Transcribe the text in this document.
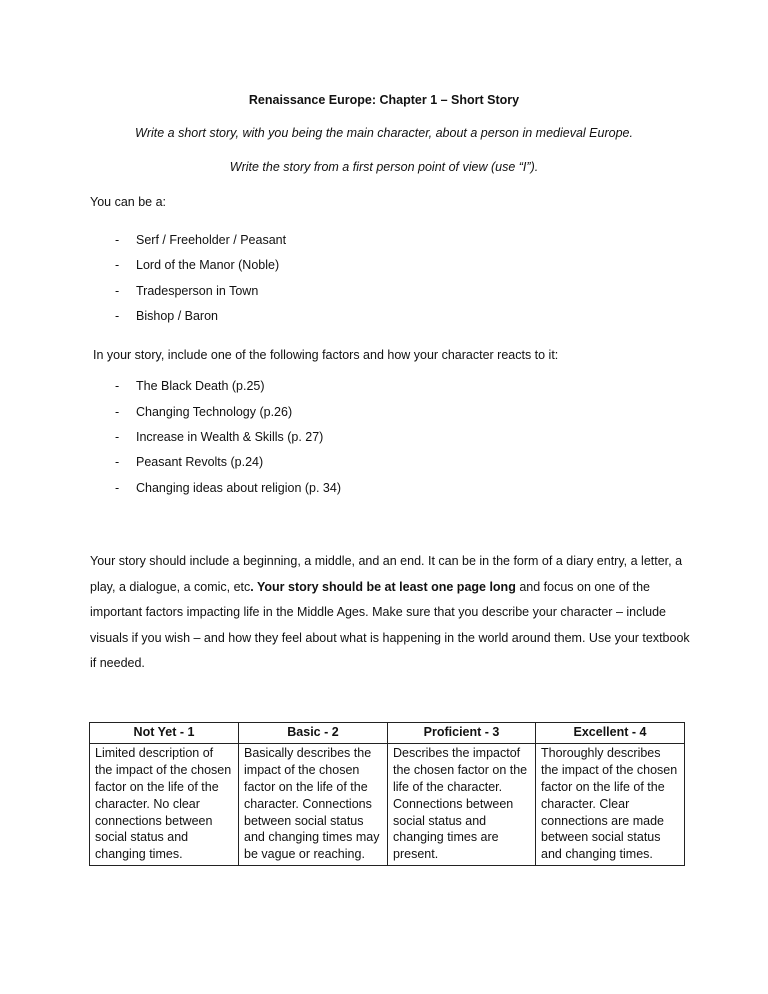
Renaissance Europe: Chapter 1 – Short Story
Write a short story, with you being the main character, about a person in medieval Europe.
Write the story from a first person point of view (use “I”).
You can be a:
- Serf / Freeholder / Peasant
- Lord of the Manor (Noble)
- Tradesperson in Town
- Bishop / Baron
In your story, include one of the following factors and how your character reacts to it:
- The Black Death (p.25)
- Changing Technology (p.26)
- Increase in Wealth & Skills (p. 27)
- Peasant Revolts (p.24)
- Changing ideas about religion (p. 34)
Your story should include a beginning, a middle, and an end. It can be in the form of a diary entry, a letter, a play, a dialogue, a comic, etc. Your story should be at least one page long and focus on one of the important factors impacting life in the Middle Ages. Make sure that you describe your character – include visuals if you wish – and how they feel about what is happening in the world around them. Use your textbook if needed.
Not Yet - 1	Basic - 2	Proficient - 3	Excellent - 4
Limited description of the impact of the chosen factor on the life of the character. No clear connections between social status and changing times.	Basically describes the impact of the chosen factor on the life of the character. Connections between social status and changing times may be vague or reaching.	Describes the impactof the chosen factor on the life of the character. Connections between social status and changing times are present.	Thoroughly describes the impact of the chosen factor on the life of the character. Clear connections are made between social status and changing times.
